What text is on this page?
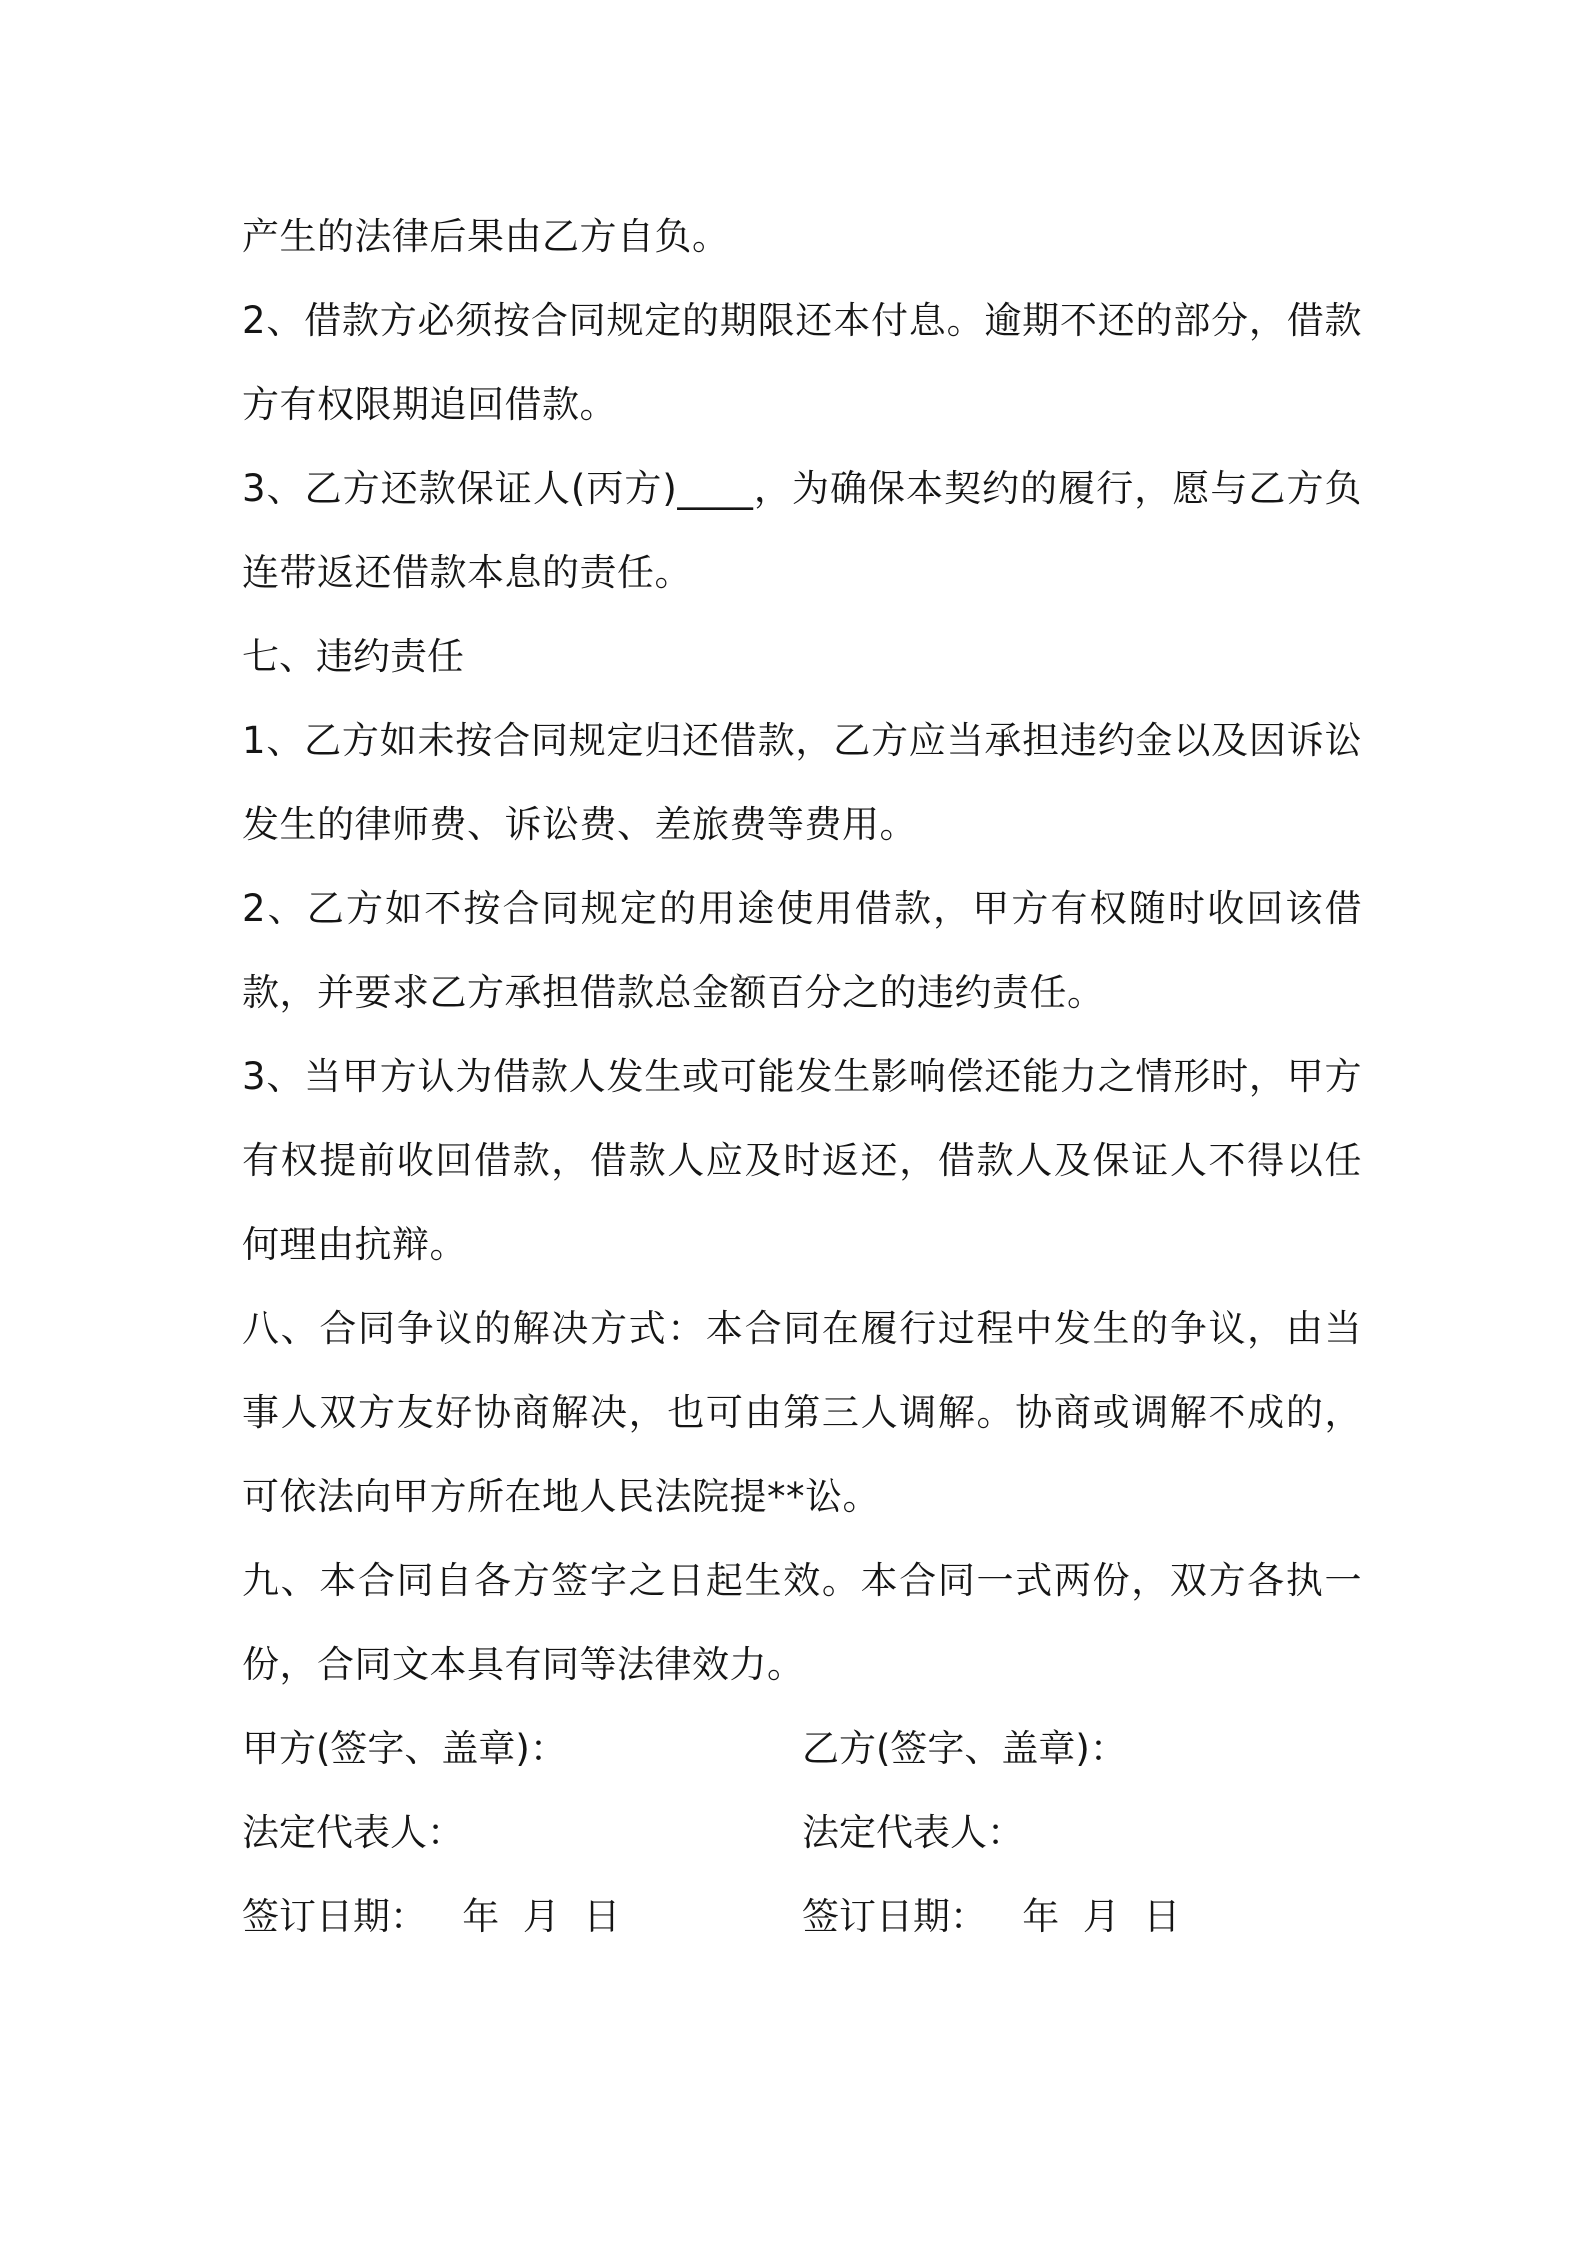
产生的法律后果由乙方自负。

2、借款方必须按合同规定的期限还本付息。逾期不还的部分，借款方有权限期追回借款。

3、乙方还款保证人(丙方)____，为确保本契约的履行，愿与乙方负连带返还借款本息的责任。

七、违约责任

1、乙方如未按合同规定归还借款，乙方应当承担违约金以及因诉讼发生的律师费、诉讼费、差旅费等费用。

2、乙方如不按合同规定的用途使用借款，甲方有权随时收回该借款，并要求乙方承担借款总金额百分之的违约责任。

3、当甲方认为借款人发生或可能发生影响偿还能力之情形时，甲方有权提前收回借款，借款人应及时返还，借款人及保证人不得以任何理由抗辩。

八、合同争议的解决方式：本合同在履行过程中发生的争议，由当事人双方友好协商解决，也可由第三人调解。协商或调解不成的，可依法向甲方所在地人民法院提**讼。

九、本合同自各方签字之日起生效。本合同一式两份，双方各执一份，合同文本具有同等法律效力。

甲方(签字、盖章)：	乙方(签字、盖章)：
法定代表人：	法定代表人：
签订日期： 年 月 日	签订日期： 年 月 日
